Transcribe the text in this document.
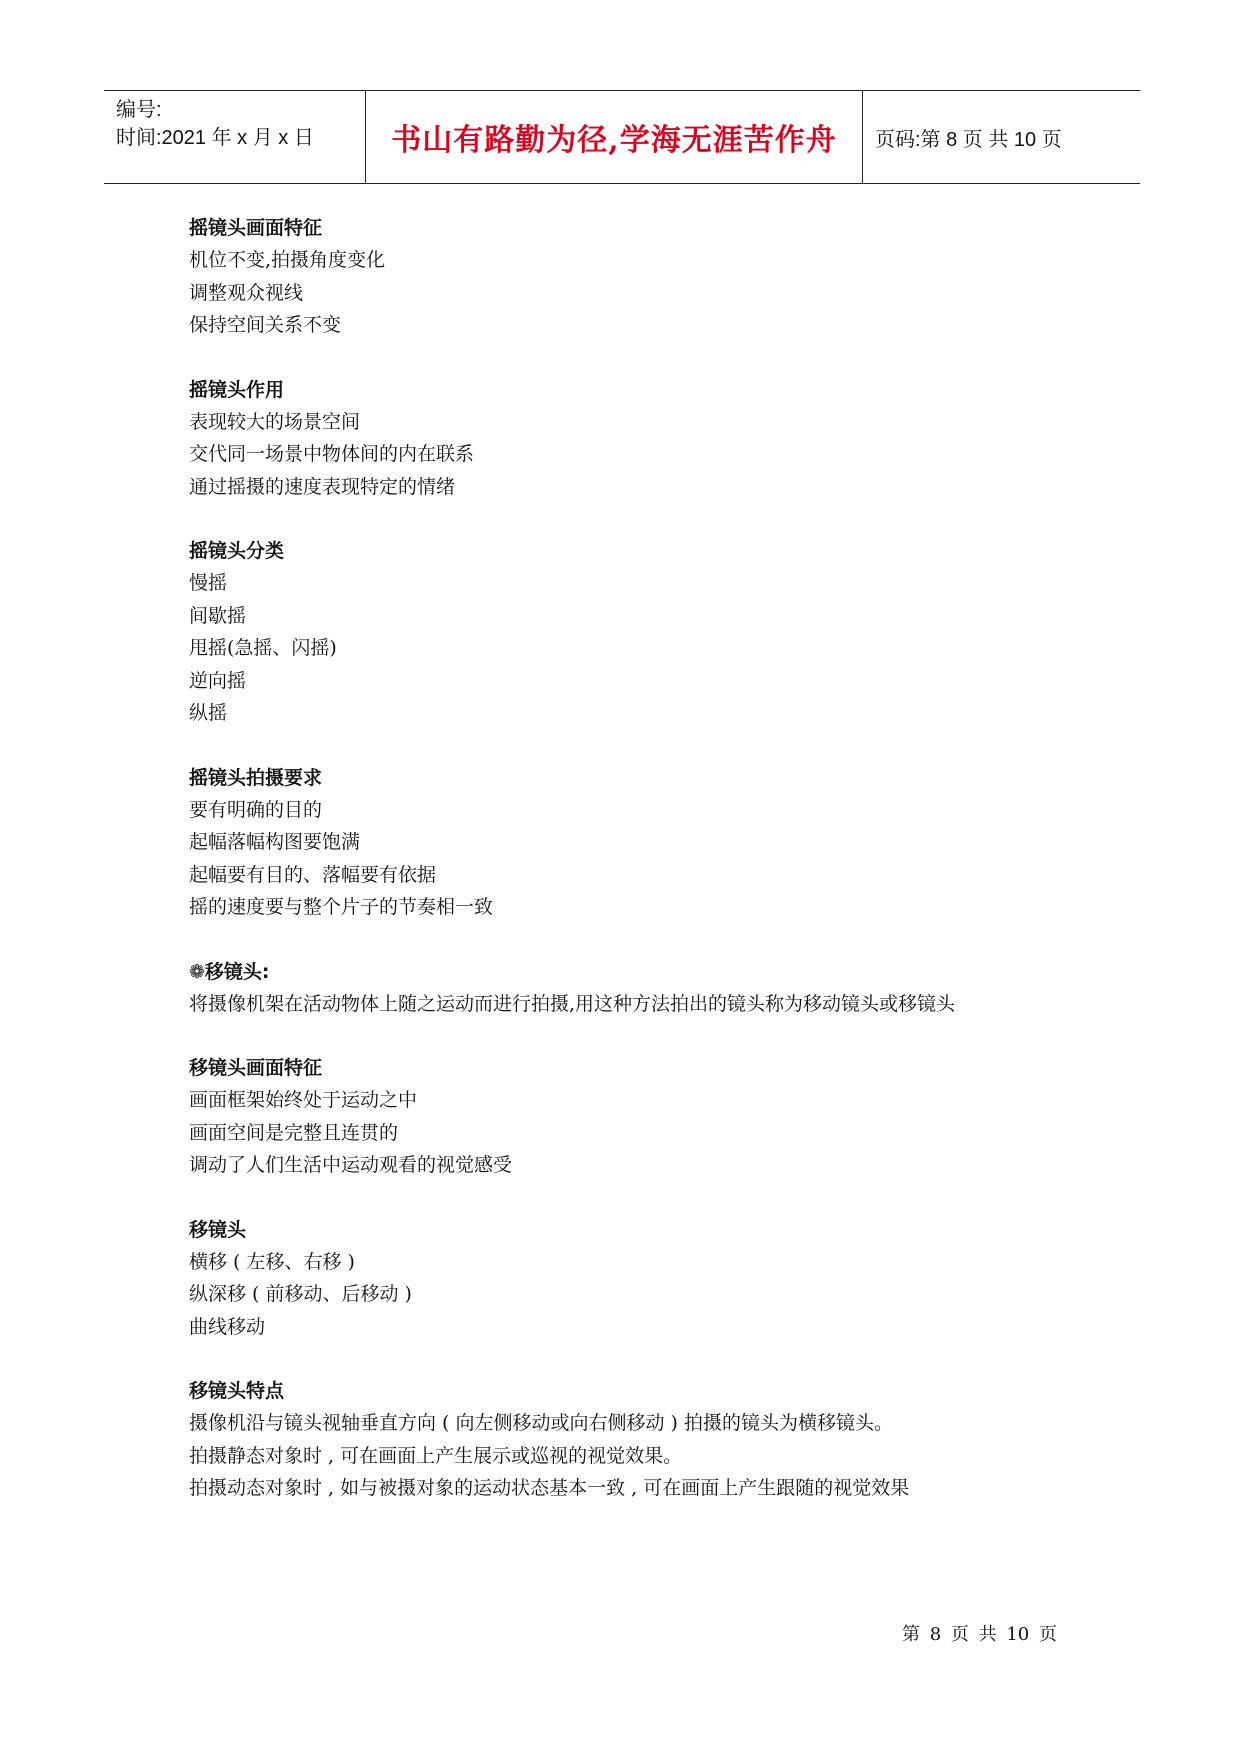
编号:
时间:2021 年 x 月 x 日	书山有路勤为径,学海无涯苦作舟 页码:第 8 页 共 10 页
摇镜头画面特征
机位不变,拍摄角度变化
调整观众视线
保持空间关系不变
摇镜头作用
表现较大的场景空间
交代同一场景中物体间的内在联系
通过摇摄的速度表现特定的情绪
摇镜头分类
慢摇
间歇摇
甩摇(急摇、闪摇)
逆向摇
纵摇
摇镜头拍摄要求
要有明确的目的
起幅落幅构图要饱满
起幅要有目的、落幅要有依据
摇的速度要与整个片子的节奏相一致
❁移镜头:
将摄像机架在活动物体上随之运动而进行拍摄,用这种方法拍出的镜头称为移动镜头或移镜头
移镜头画面特征
画面框架始终处于运动之中
画面空间是完整且连贯的
调动了人们生活中运动观看的视觉感受
移镜头
横移 ( 左移、右移 )
纵深移 ( 前移动、后移动 )
曲线移动
移镜头特点
摄像机沿与镜头视轴垂直方向 ( 向左侧移动或向右侧移动 ) 拍摄的镜头为横移镜头。
拍摄静态对象时 , 可在画面上产生展示或巡视的视觉效果。
拍摄动态对象时 , 如与被摄对象的运动状态基本一致 , 可在画面上产生跟随的视觉效果
第 8 页 共 10 页
